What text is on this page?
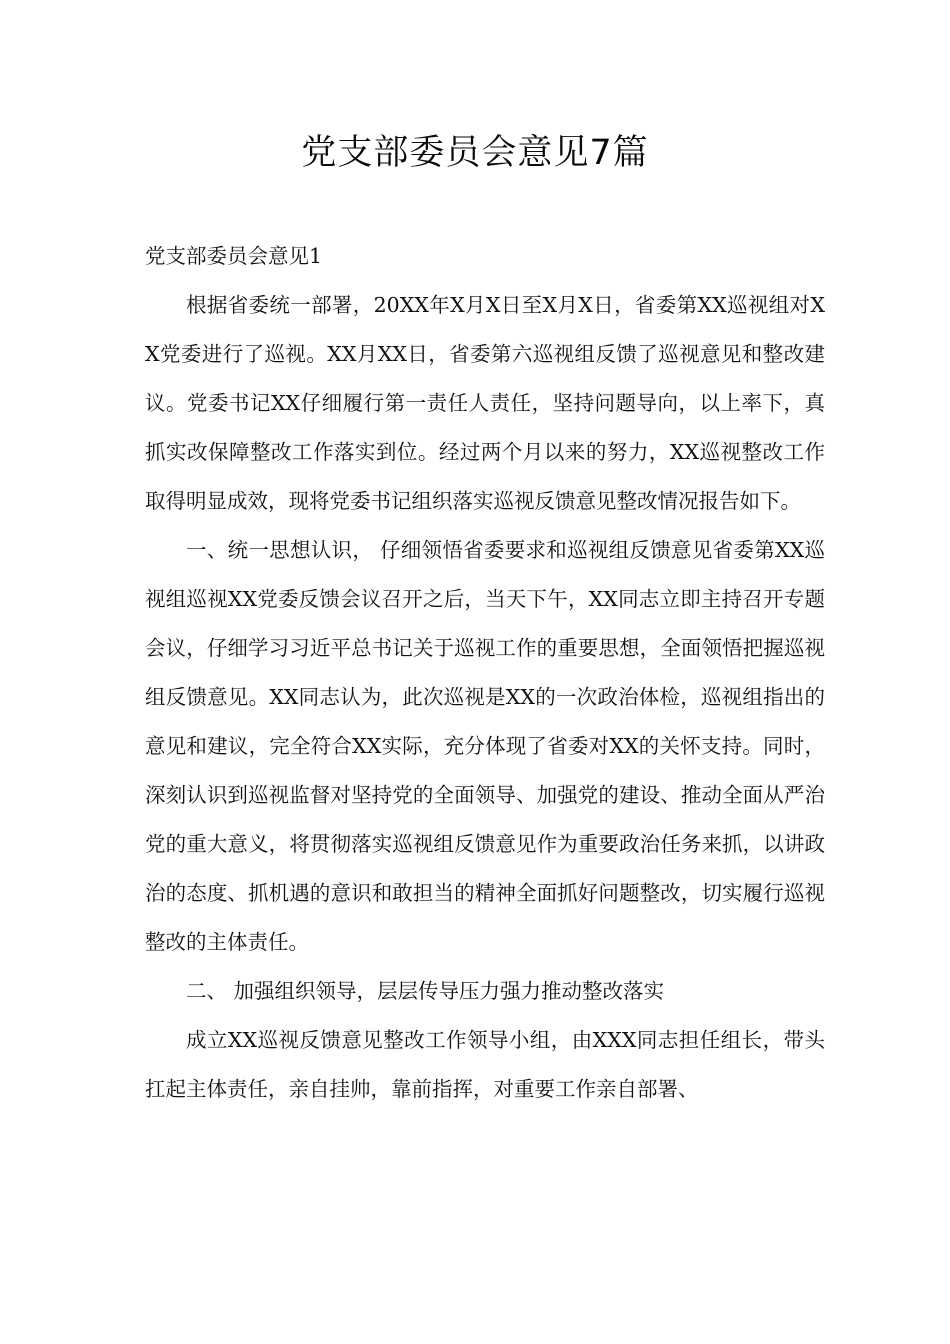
党支部委员会意见7篇

党支部委员会意见1

根据省委统一部署，20XX年X月X日至X月X日，省委第XX巡视组对XX党委进行了巡视。XX月XX日，省委第六巡视组反馈了巡视意见和整改建议。党委书记XX仔细履行第一责任人责任，坚持问题导向，以上率下，真抓实改保障整改工作落实到位。经过两个月以来的努力，XX巡视整改工作取得明显成效，现将党委书记组织落实巡视反馈意见整改情况报告如下。

一、统一思想认识， 仔细领悟省委要求和巡视组反馈意见省委第XX巡视组巡视XX党委反馈会议召开之后，当天下午，XX同志立即主持召开专题会议，仔细学习习近平总书记关于巡视工作的重要思想，全面领悟把握巡视组反馈意见。XX同志认为，此次巡视是XX的一次政治体检，巡视组指出的意见和建议，完全符合XX实际，充分体现了省委对XX的关怀支持。同时，深刻认识到巡视监督对坚持党的全面领导、加强党的建设、推动全面从严治党的重大意义，将贯彻落实巡视组反馈意见作为重要政治任务来抓，以讲政治的态度、抓机遇的意识和敢担当的精神全面抓好问题整改，切实履行巡视整改的主体责任。

二、 加强组织领导，层层传导压力强力推动整改落实

成立XX巡视反馈意见整改工作领导小组，由XXX同志担任组长，带头扛起主体责任，亲自挂帅，靠前指挥，对重要工作亲自部署、
